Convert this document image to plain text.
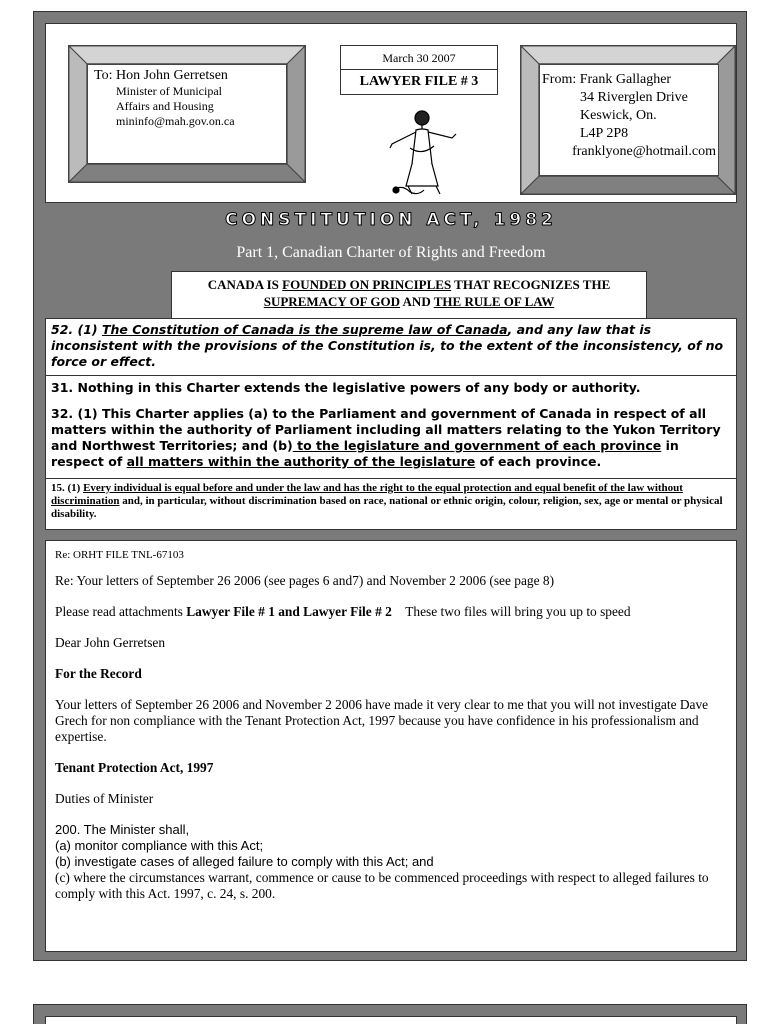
To: Hon John Gerretsen
Minister of Municipal
Affairs and Housing
mininfo@mah.gov.on.ca
March 30 2007
LAWYER FILE # 3	From: Frank Gallagher
34 Riverglen Drive
Keswick, On.
L4P 2P8
franklyone@hotmail.com
CONSTITUTION ACT, 1982
Part 1, Canadian Charter of Rights and Freedom
CANADA IS FOUNDED ON PRINCIPLES THAT RECOGNIZES THE
SUPREMACY OF GOD AND THE RULE OF LAW
52. (1) The Constitution of Canada is the supreme law of Canada, and any law that is inconsistent with the provisions of the Constitution is, to the extent of the inconsistency, of no force or effect.

31. Nothing in this Charter extends the legislative powers of any body or authority.

32. (1) This Charter applies (a) to the Parliament and government of Canada in respect of all matters within the authority of Parliament including all matters relating to the Yukon Territory and Northwest Territories; and (b) to the legislature and government of each province in respect of all matters within the authority of the legislature of each province.

15. (1) Every individual is equal before and under the law and has the right to the equal protection and equal benefit of the law without discrimination and, in particular, without discrimination based on race, national or ethnic origin, colour, religion, sex, age or mental or physical disability.
Re: ORHT FILE TNL-67103

Re: Your letters of September 26 2006 (see pages 6 and7) and November 2 2006 (see page 8)

Please read attachments Lawyer File # 1 and Lawyer File # 2 These two files will bring you up to speed

Dear John Gerretsen

For the Record

Your letters of September 26 2006 and November 2 2006 have made it very clear to me that you will not investigate Dave Grech for non compliance with the Tenant Protection Act, 1997 because you have confidence in his professionalism and expertise.

Tenant Protection Act, 1997

Duties of Minister

200. The Minister shall,
(a) monitor compliance with this Act;
(b) investigate cases of alleged failure to comply with this Act; and
(c) where the circumstances warrant, commence or cause to be commenced proceedings with respect to alleged failures to comply with this Act. 1997, c. 24, s. 200.
